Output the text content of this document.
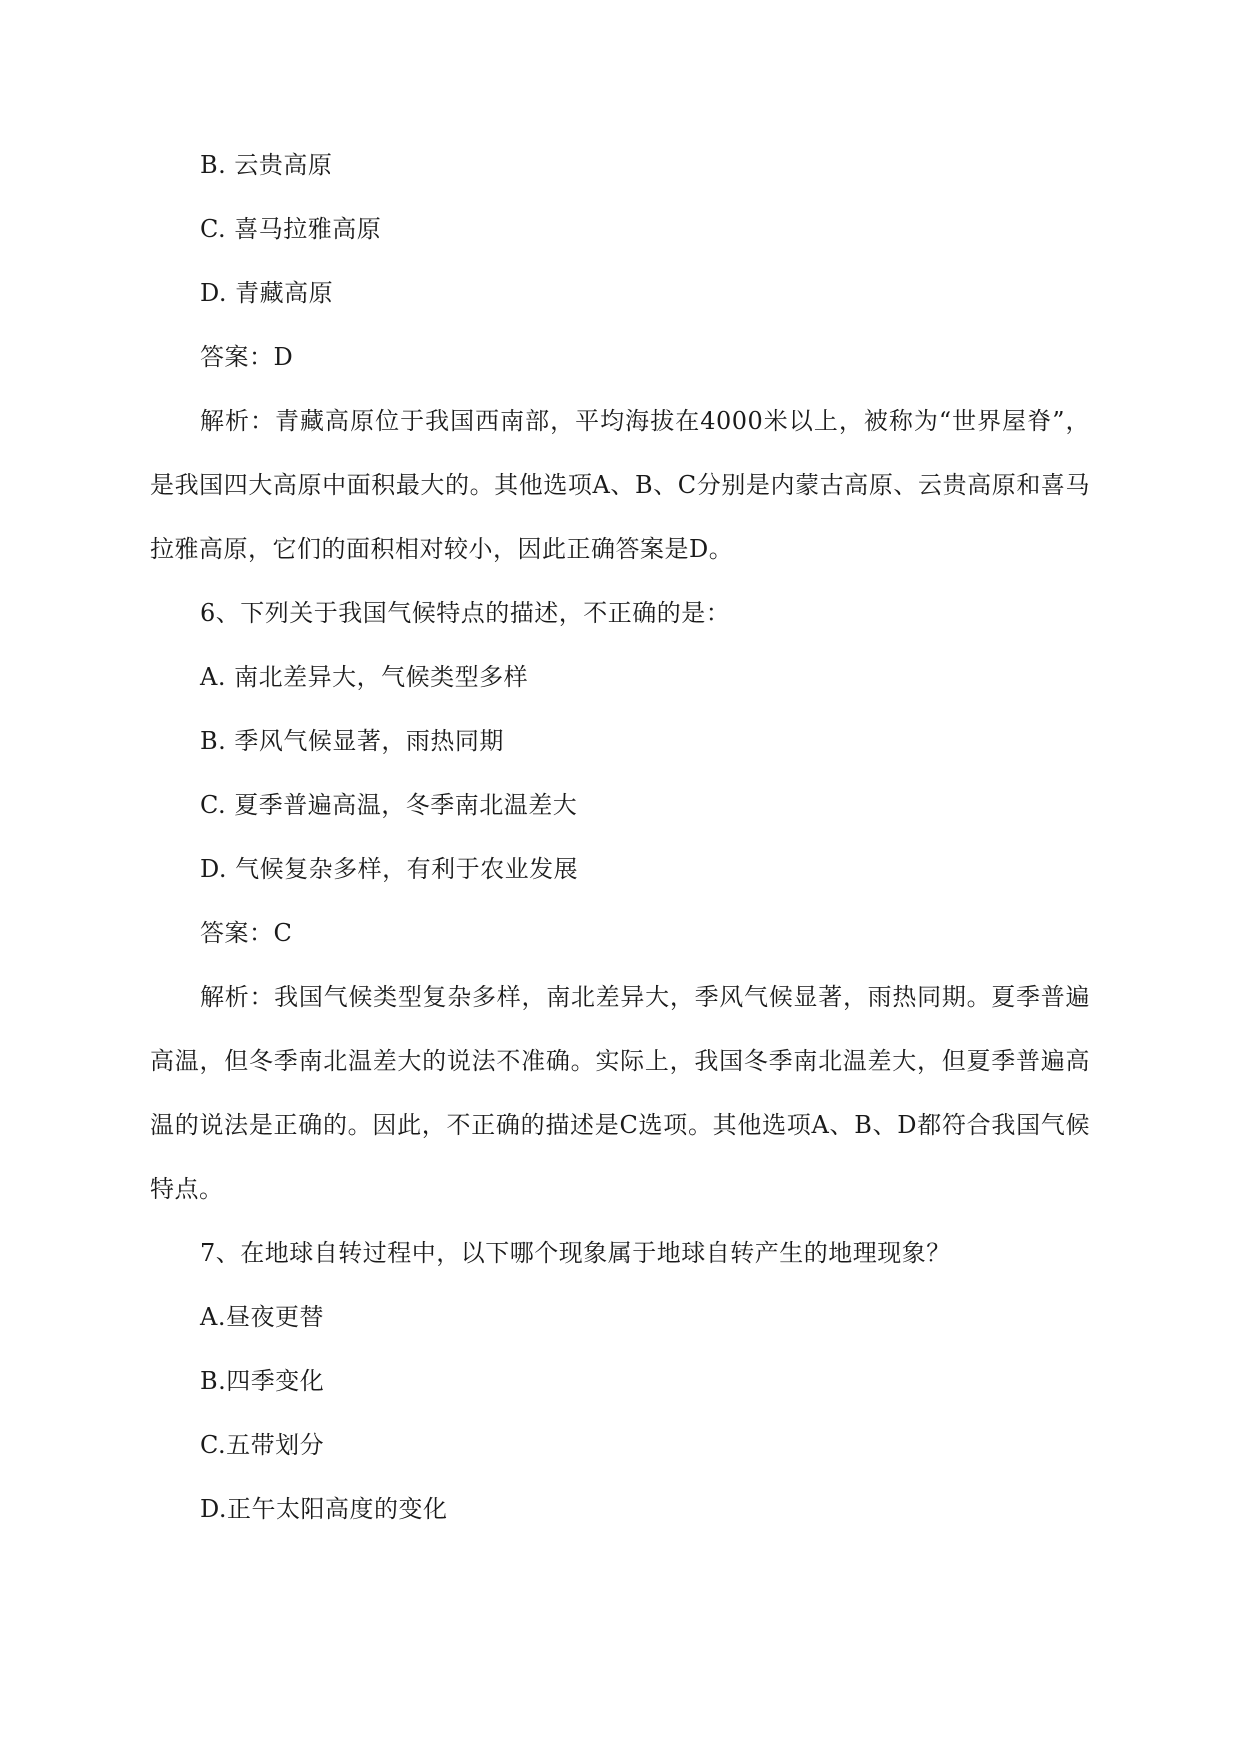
B. 云贵高原
C. 喜马拉雅高原
D. 青藏高原
答案：D
解析：青藏高原位于我国西南部，平均海拔在4000米以上，被称为“世界屋脊”，
是我国四大高原中面积最大的。其他选项A、B、C分别是内蒙古高原、云贵高原和喜马
拉雅高原，它们的面积相对较小，因此正确答案是D。
6、下列关于我国气候特点的描述，不正确的是：
A. 南北差异大，气候类型多样
B. 季风气候显著，雨热同期
C. 夏季普遍高温，冬季南北温差大
D. 气候复杂多样，有利于农业发展
答案：C
解析：我国气候类型复杂多样，南北差异大，季风气候显著，雨热同期。夏季普遍
高温，但冬季南北温差大的说法不准确。实际上，我国冬季南北温差大，但夏季普遍高
温的说法是正确的。因此，不正确的描述是C选项。其他选项A、B、D都符合我国气候
特点。
7、在地球自转过程中，以下哪个现象属于地球自转产生的地理现象？
A.昼夜更替
B.四季变化
C.五带划分
D.正午太阳高度的变化
